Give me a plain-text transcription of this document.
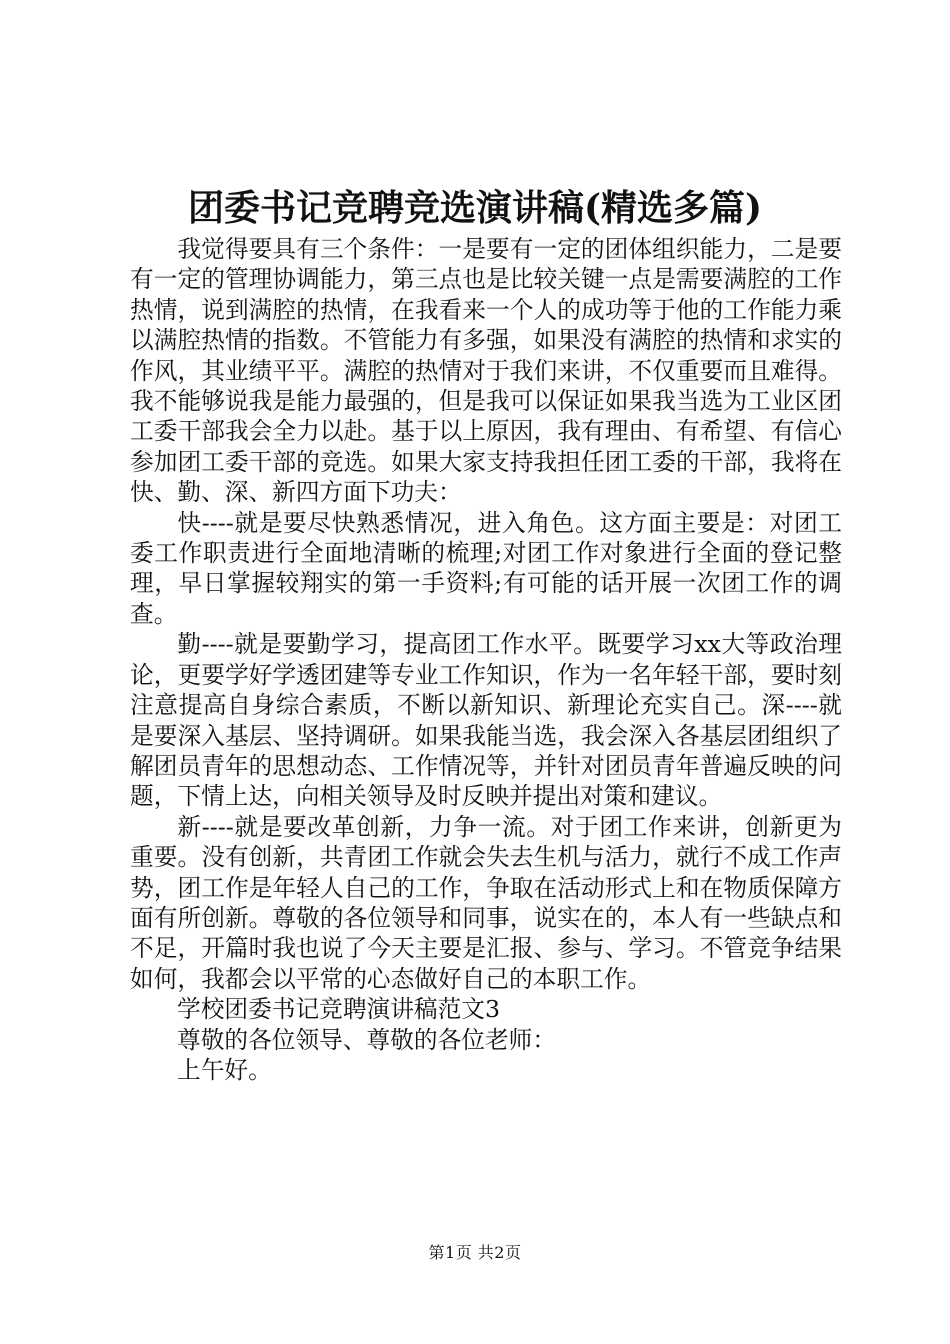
团委书记竞聘竞选演讲稿(精选多篇)

我觉得要具有三个条件：一是要有一定的团体组织能力，二是要有一定的管理协调能力，第三点也是比较关键一点是需要满腔的工作热情，说到满腔的热情，在我看来一个人的成功等于他的工作能力乘以满腔热情的指数。不管能力有多强，如果没有满腔的热情和求实的作风，其业绩平平。满腔的热情对于我们来讲，不仅重要而且难得。我不能够说我是能力最强的，但是我可以保证如果我当选为工业区团工委干部我会全力以赴。基于以上原因，我有理由、有希望、有信心参加团工委干部的竞选。如果大家支持我担任团工委的干部，我将在快、勤、深、新四方面下功夫：

快----就是要尽快熟悉情况，进入角色。这方面主要是：对团工委工作职责进行全面地清晰的梳理;对团工作对象进行全面的登记整理，早日掌握较翔实的第一手资料;有可能的话开展一次团工作的调查。

勤----就是要勤学习，提高团工作水平。既要学习xx大等政治理论，更要学好学透团建等专业工作知识，作为一名年轻干部，要时刻注意提高自身综合素质，不断以新知识、新理论充实自己。深----就是要深入基层、坚持调研。如果我能当选，我会深入各基层团组织了解团员青年的思想动态、工作情况等，并针对团员青年普遍反映的问题，下情上达，向相关领导及时反映并提出对策和建议。

新----就是要改革创新，力争一流。对于团工作来讲，创新更为重要。没有创新，共青团工作就会失去生机与活力，就行不成工作声势，团工作是年轻人自己的工作，争取在活动形式上和在物质保障方面有所创新。尊敬的各位领导和同事，说实在的，本人有一些缺点和不足，开篇时我也说了今天主要是汇报、参与、学习。不管竞争结果如何，我都会以平常的心态做好自己的本职工作。

学校团委书记竞聘演讲稿范文3

尊敬的各位领导、尊敬的各位老师：

上午好。

第1页 共2页
